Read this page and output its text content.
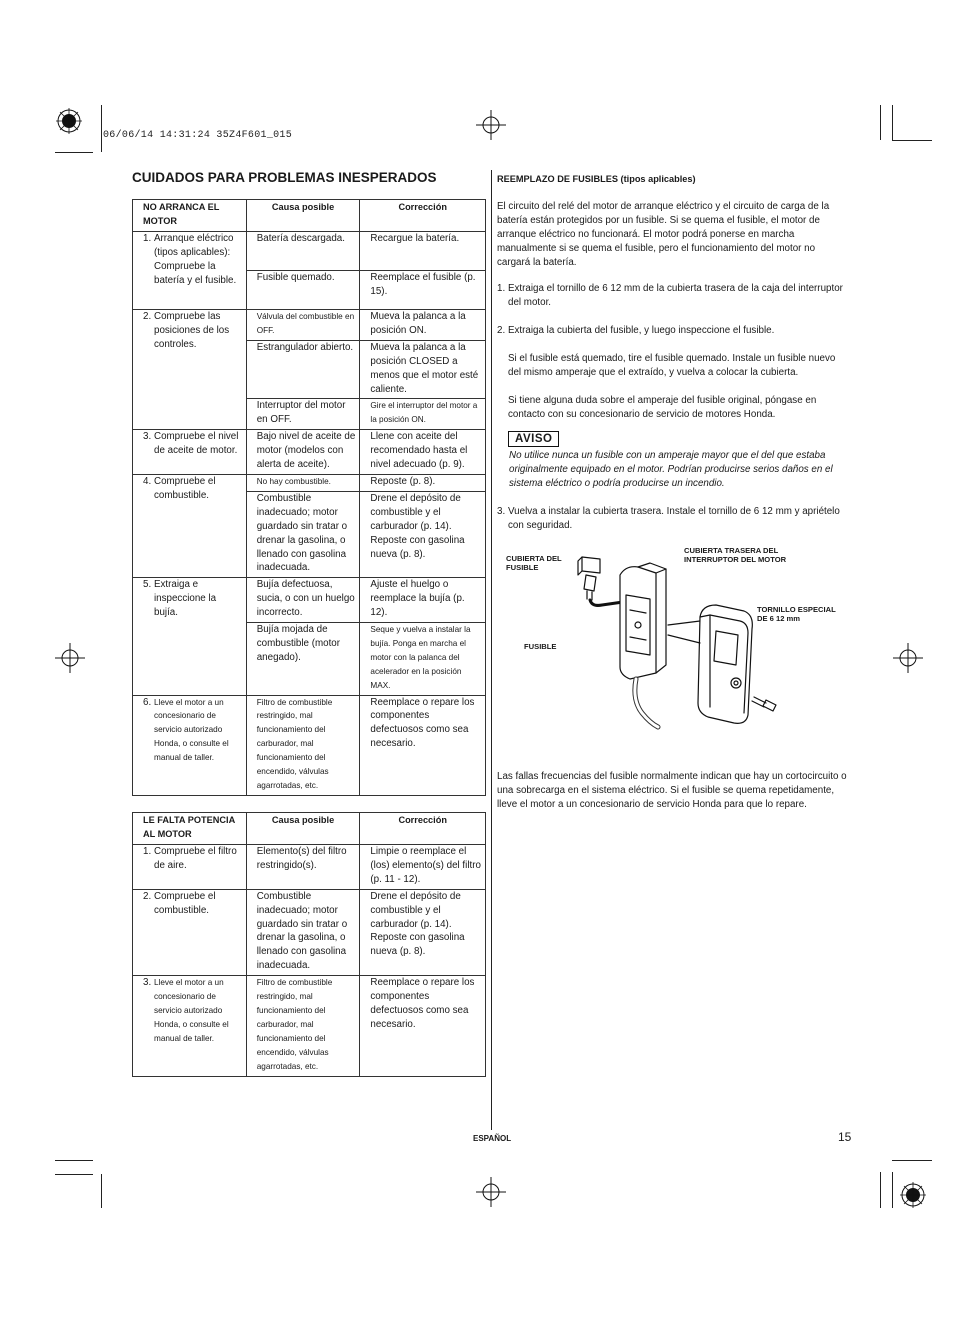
06/06/14 14:31:24 35Z4F601_015
CUIDADOS PARA PROBLEMAS INESPERADOS
NO ARRANCA EL MOTOR	Causa posible	Corrección

1. Arranque eléctrico (tipos aplicables): Compruebe la batería y el fusible.	Batería descargada.	Recargue la batería.
	Fusible quemado.	Reemplace el fusible (p. 15).

2. Compruebe las posiciones de los controles.	Válvula del combustible en OFF.	Mueva la palanca a la posición ON.
	Estrangulador abierto.	Mueva la palanca a la posición CLOSED a menos que el motor esté caliente.
	Interruptor del motor en OFF.	Gire el interruptor del motor a la posición ON.

3. Compruebe el nivel de aceite de motor.	Bajo nivel de aceite de motor (modelos con alerta de aceite).	Llene con aceite del recomendado hasta el nivel adecuado (p. 9).

4. Compruebe el combustible.	No hay combustible.	Reposte (p. 8).
	Combustible inadecuado; motor guardado sin tratar o drenar la gasolina, o llenado con gasolina inadecuada.	Drene el depósito de combustible y el carburador (p. 14). Reposte con gasolina nueva (p. 8).

5. Extraiga e inspeccione la bujía.	Bujía defectuosa, sucia, o con un huelgo incorrecto.	Ajuste el huelgo o reemplace la bujía (p. 12).
	Bujía mojada de combustible (motor anegado).	Seque y vuelva a instalar la bujía. Ponga en marcha el motor con la palanca del acelerador en la posición MAX.

6. Lleve el motor a un concesionario de servicio autorizado Honda, o consulte el manual de taller.	Filtro de combustible restringido, mal funcionamiento del carburador, mal funcionamiento del encendido, válvulas agarrotadas, etc.	Reemplace o repare los componentes defectuosos como sea necesario.
LE FALTA POTENCIA AL MOTOR	Causa posible	Corrección

1. Compruebe el filtro de aire.	Elemento(s) del filtro restringido(s).	Limpie o reemplace el (los) elemento(s) del filtro (p. 11 - 12).

2. Compruebe el combustible.	Combustible inadecuado; motor guardado sin tratar o drenar la gasolina, o llenado con gasolina inadecuada.	Drene el depósito de combustible y el carburador (p. 14). Reposte con gasolina nueva (p. 8).

3. Lleve el motor a un concesionario de servicio autorizado Honda, o consulte el manual de taller.	Filtro de combustible restringido, mal funcionamiento del carburador, mal funcionamiento del encendido, válvulas agarrotadas, etc.	Reemplace o repare los componentes defectuosos como sea necesario.
REEMPLAZO DE FUSIBLES (tipos aplicables)

El circuito del relé del motor de arranque eléctrico y el circuito de carga de la batería están protegidos por un fusible. Si se quema el fusible, el motor de arranque eléctrico no funcionará. El motor podrá ponerse en marcha manualmente si se quema el fusible, pero el funcionamiento del motor no cargará la batería.

1. Extraiga el tornillo de 6 12 mm de la cubierta trasera de la caja del interruptor del motor.

2. Extraiga la cubierta del fusible, y luego inspeccione el fusible.

Si el fusible está quemado, tire el fusible quemado. Instale un fusible nuevo del mismo amperaje que el extraído, y vuelva a colocar la cubierta.

Si tiene alguna duda sobre el amperaje del fusible original, póngase en contacto con su concesionario de servicio de motores Honda.

AVISO

No utilice nunca un fusible con un amperaje mayor que el del que estaba originalmente equipado en el motor. Podrían producirse serios daños en el sistema eléctrico o podría producirse un incendio.

3. Vuelva a instalar la cubierta trasera. Instale el tornillo de 6 12 mm y apriételo con seguridad.

CUBIERTA DEL FUSIBLE
CUBIERTA TRASERA DEL INTERRUPTOR DEL MOTOR
TORNILLO ESPECIAL DE 6 12 mm
FUSIBLE

Las fallas frecuencias del fusible normalmente indican que hay un cortocircuito o una sobrecarga en el sistema eléctrico. Si el fusible se quema repetidamente, lleve el motor a un concesionario de servicio Honda para que lo repare.

ESPAÑOL	15
